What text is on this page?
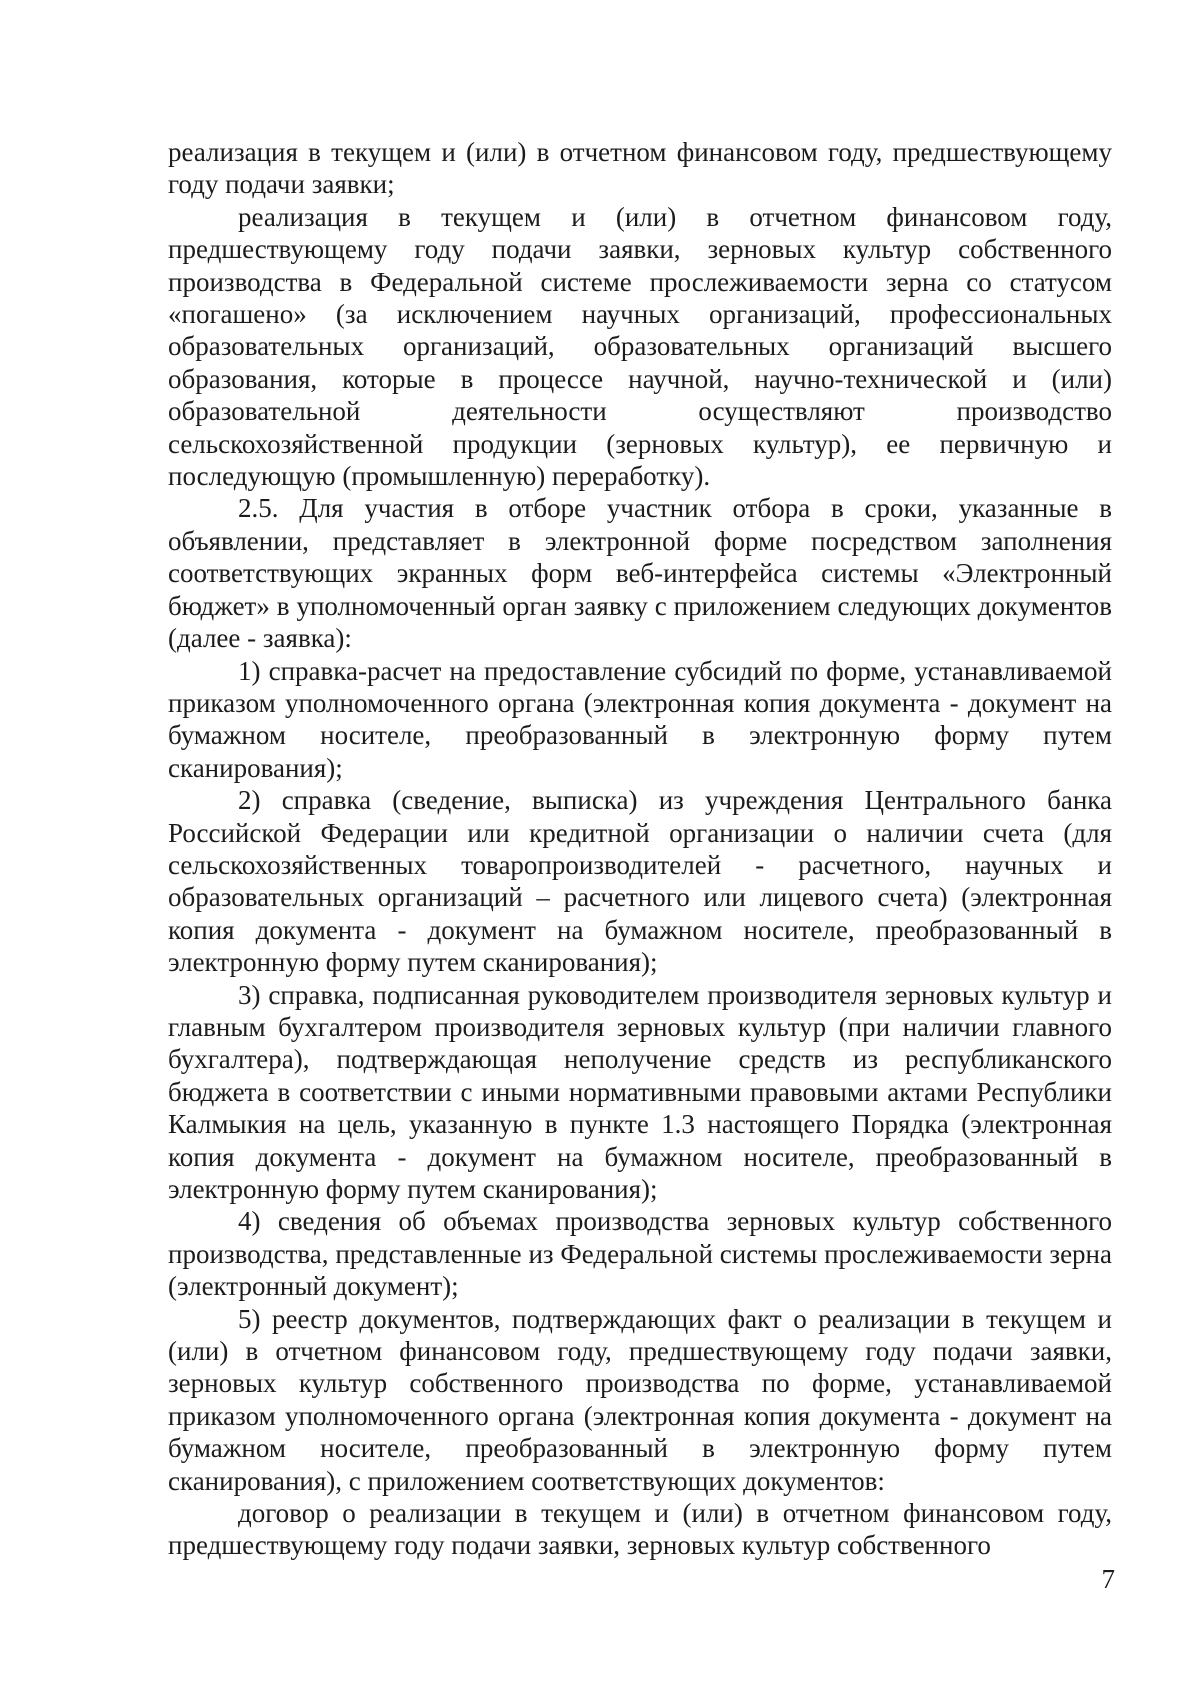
реализация в текущем и (или) в отчетном финансовом году, предшествующему году подачи заявки;

реализация в текущем и (или) в отчетном финансовом году, предшествующему году подачи заявки, зерновых культур собственного производства в Федеральной системе прослеживаемости зерна со статусом «погашено» (за исключением научных организаций, профессиональных образовательных организаций, образовательных организаций высшего образования, которые в процессе научной, научно-технической и (или) образовательной деятельности осуществляют производство сельскохозяйственной продукции (зерновых культур), ее первичную и последующую (промышленную) переработку).

2.5. Для участия в отборе участник отбора в сроки, указанные в объявлении, представляет в электронной форме посредством заполнения соответствующих экранных форм веб-интерфейса системы «Электронный бюджет» в уполномоченный орган заявку с приложением следующих документов (далее - заявка):

1) справка-расчет на предоставление субсидий по форме, устанавливаемой приказом уполномоченного органа (электронная копия документа - документ на бумажном носителе, преобразованный в электронную форму путем сканирования);

2) справка (сведение, выписка) из учреждения Центрального банка Российской Федерации или кредитной организации о наличии счета (для сельскохозяйственных товаропроизводителей - расчетного, научных и образовательных организаций – расчетного или лицевого счета) (электронная копия документа - документ на бумажном носителе, преобразованный в электронную форму путем сканирования);

3) справка, подписанная руководителем производителя зерновых культур и главным бухгалтером производителя зерновых культур (при наличии главного бухгалтера), подтверждающая неполучение средств из республиканского бюджета в соответствии с иными нормативными правовыми актами Республики Калмыкия на цель, указанную в пункте 1.3 настоящего Порядка (электронная копия документа - документ на бумажном носителе, преобразованный в электронную форму путем сканирования);

4) сведения об объемах производства зерновых культур собственного производства, представленные из Федеральной системы прослеживаемости зерна (электронный документ);

5) реестр документов, подтверждающих факт о реализации в текущем и (или) в отчетном финансовом году, предшествующему году подачи заявки, зерновых культур собственного производства по форме, устанавливаемой приказом уполномоченного органа (электронная копия документа - документ на бумажном носителе, преобразованный в электронную форму путем сканирования), с приложением соответствующих документов:

договор о реализации в текущем и (или) в отчетном финансовом году, предшествующему году подачи заявки, зерновых культур собственного

7
